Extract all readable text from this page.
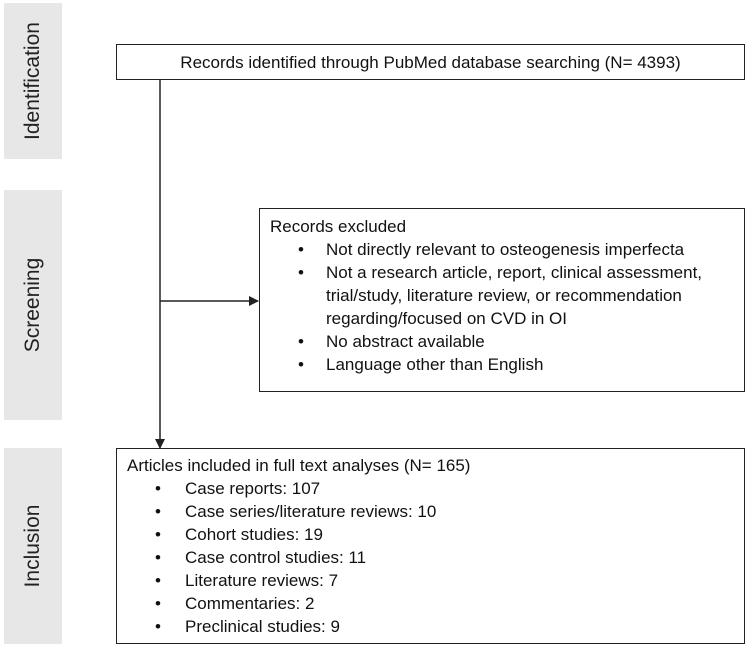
Identification
Screening
Inclusion
Records identified through PubMed database searching (N= 4393)
Records excluded
• Not directly relevant to osteogenesis imperfecta
• Not a research article, report, clinical assessment, trial/study, literature review, or recommendation regarding/focused on CVD in OI
• No abstract available
• Language other than English
Articles included in full text analyses (N= 165)
• Case reports: 107
• Case series/literature reviews: 10
• Cohort studies: 19
• Case control studies: 11
• Literature reviews: 7
• Commentaries: 2
• Preclinical studies: 9
